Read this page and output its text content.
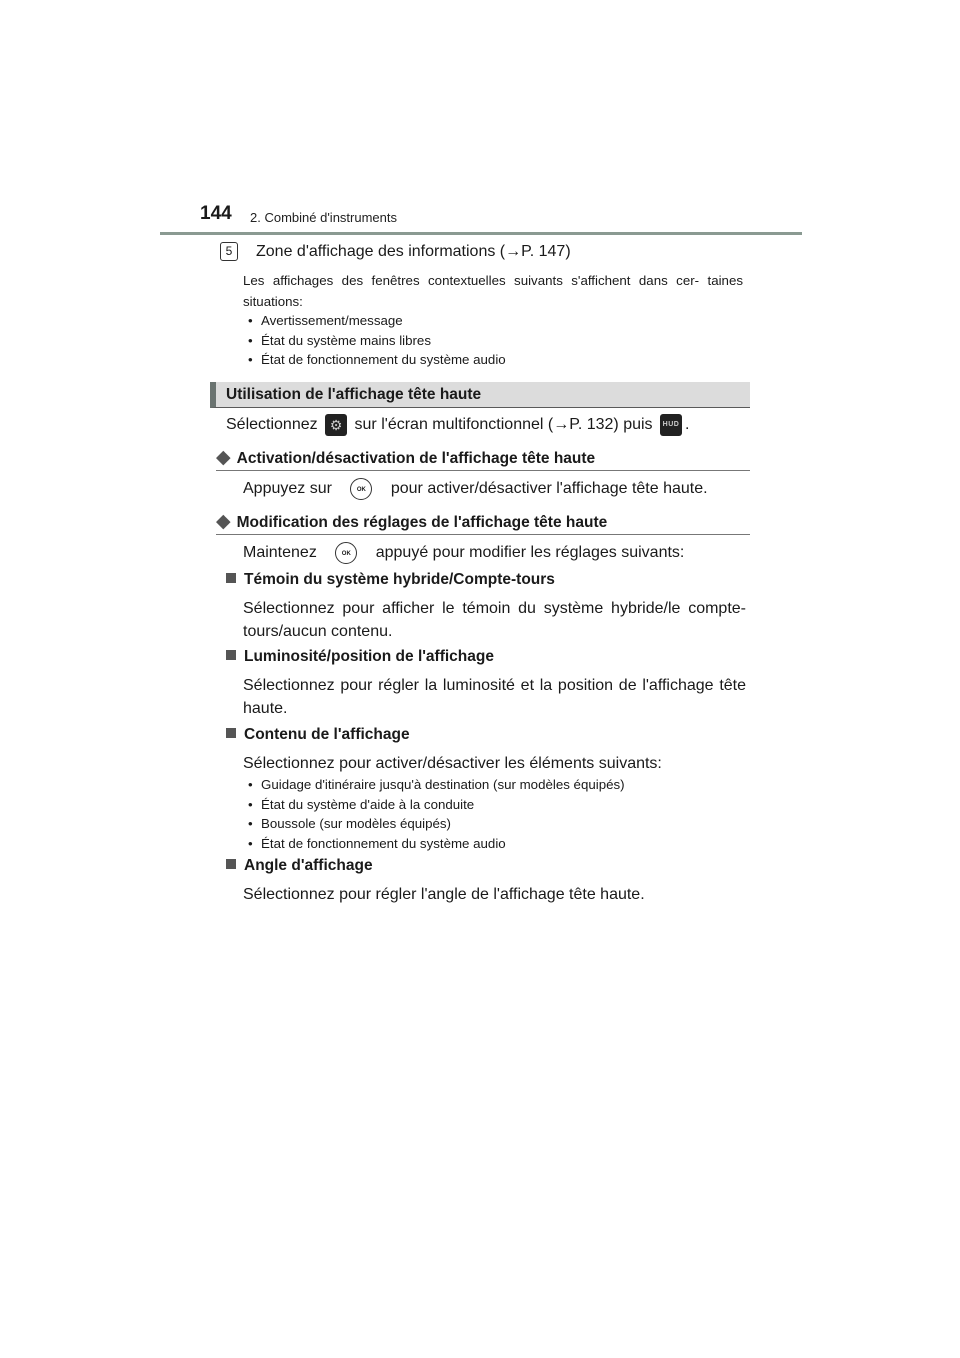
144 2. Combiné d'instruments
5	Zone d'affichage des informations (→P. 147)
Les affichages des fenêtres contextuelles suivants s'affichent dans cer- taines situations:
• Avertissement/message
• État du système mains libres
• État de fonctionnement du système audio
Utilisation de l'affichage tête haute
Sélectionnez ⚙ sur l'écran multifonctionnel (→P. 132) puis HUD .
◆ Activation/désactivation de l'affichage tête haute
Appuyez sur	OK pour activer/désactiver l'affichage tête haute.
◆ Modification des réglages de l'affichage tête haute
Maintenez	OK appuyé pour modifier les réglages suivants:
Témoin du système hybride/Compte-tours
Sélectionnez pour afficher le témoin du système hybride/le compte- tours/aucun contenu.
Luminosité/position de l'affichage
Sélectionnez pour régler la luminosité et la position de l'affichage tête haute.
Contenu de l'affichage
Sélectionnez pour activer/désactiver les éléments suivants:
• Guidage d'itinéraire jusqu'à destination (sur modèles équipés)
• État du système d'aide à la conduite
• Boussole (sur modèles équipés)
• État de fonctionnement du système audio
Angle d'affichage
Sélectionnez pour régler l'angle de l'affichage tête haute.
